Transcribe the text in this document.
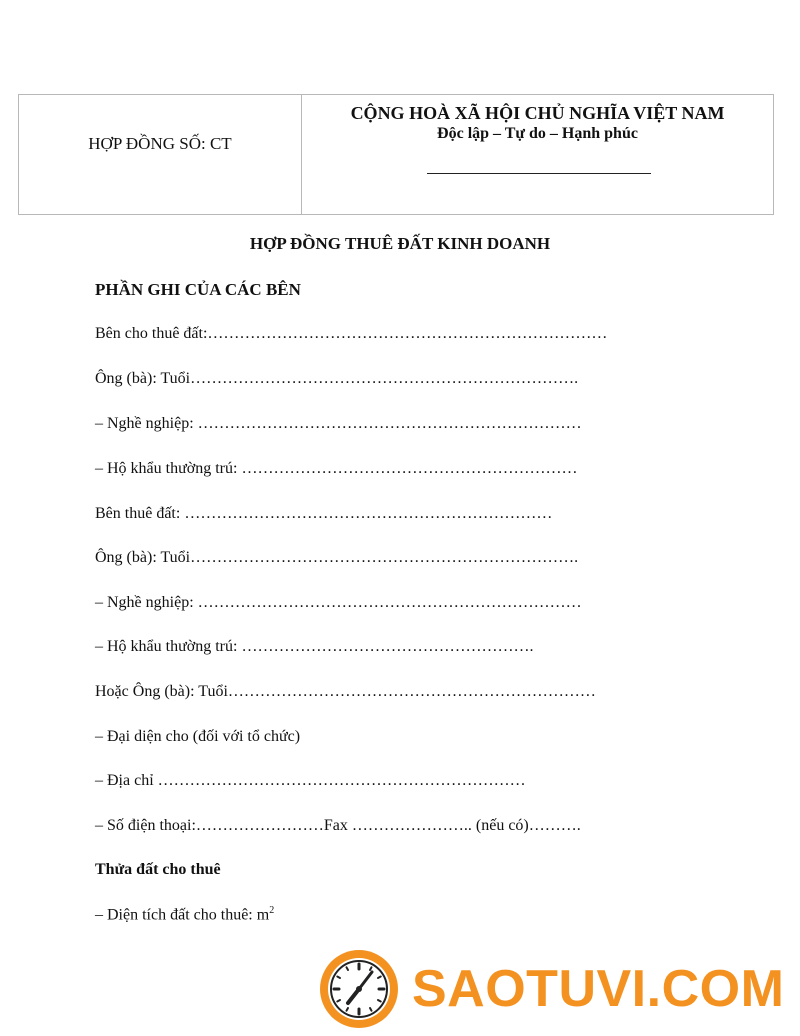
HỢP ĐỒNG SỐ: CT
CỘNG HOÀ XÃ HỘI CHỦ NGHĨA VIỆT NAM
Độc lập – Tự do – Hạnh phúc
HỢP ĐỒNG THUÊ ĐẤT KINH DOANH
PHẦN GHI CỦA CÁC BÊN
Bên cho thuê đất:…………………………………………………………………
Ông (bà): Tuổi……………………………………………………………….
– Nghề nghiệp: ………………………………………………………………
– Hộ khẩu thường trú: ………………………………………………………
Bên thuê đất: ……………………………………………………………
Ông (bà): Tuổi……………………………………………………………….
– Nghề nghiệp: ………………………………………………………………
– Hộ khẩu thường trú: ……………………………………………….
Hoặc Ông (bà): Tuổi……………………………………………………………
– Đại diện cho (đối với tổ chức)
– Địa chỉ ……………………………………………………………
– Số điện thoại:……………………Fax ………………….. (nếu có)……….
Thửa đất cho thuê
– Diện tích đất cho thuê: $m^2$
SAOTUVI.COM
